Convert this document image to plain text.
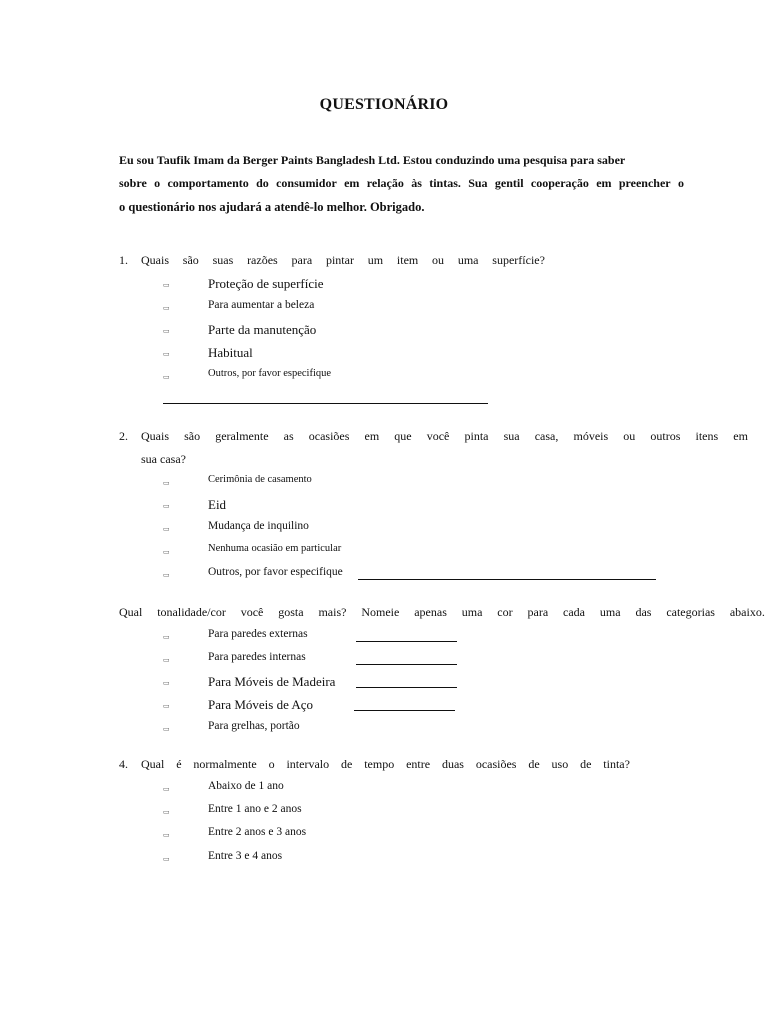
QUESTIONÁRIO
Eu sou Taufik Imam da Berger Paints Bangladesh Ltd. Estou conduzindo uma pesquisa para saber
sobre o comportamento do consumidor em relação às tintas. Sua gentil cooperação em preencher o
o questionário nos ajudará a atendê-lo melhor. Obrigado.
1. Quais são suas razões para pintar um item ou uma superfície?
▭
Proteção de superfície
▭
Para aumentar a beleza
▭
Parte da manutenção
▭
Habitual
▭
Outros, por favor especifique
2. Quais são geralmente as ocasiões em que você pinta sua casa, móveis ou outros itens em
sua casa?
▭
Cerimônia de casamento
▭
Eid
▭
Mudança de inquilino
▭
Nenhuma ocasião em particular
▭
Outros, por favor especifique
Qual tonalidade/cor você gosta mais? Nomeie apenas uma cor para cada uma das categorias abaixo.
▭
Para paredes externas
▭
Para paredes internas
▭
Para Móveis de Madeira
▭
Para Móveis de Aço
▭
Para grelhas, portão
4. Qual é normalmente o intervalo de tempo entre duas ocasiões de uso de tinta?
▭
Abaixo de 1 ano
▭
Entre 1 ano e 2 anos
▭
Entre 2 anos e 3 anos
▭
Entre 3 e 4 anos
